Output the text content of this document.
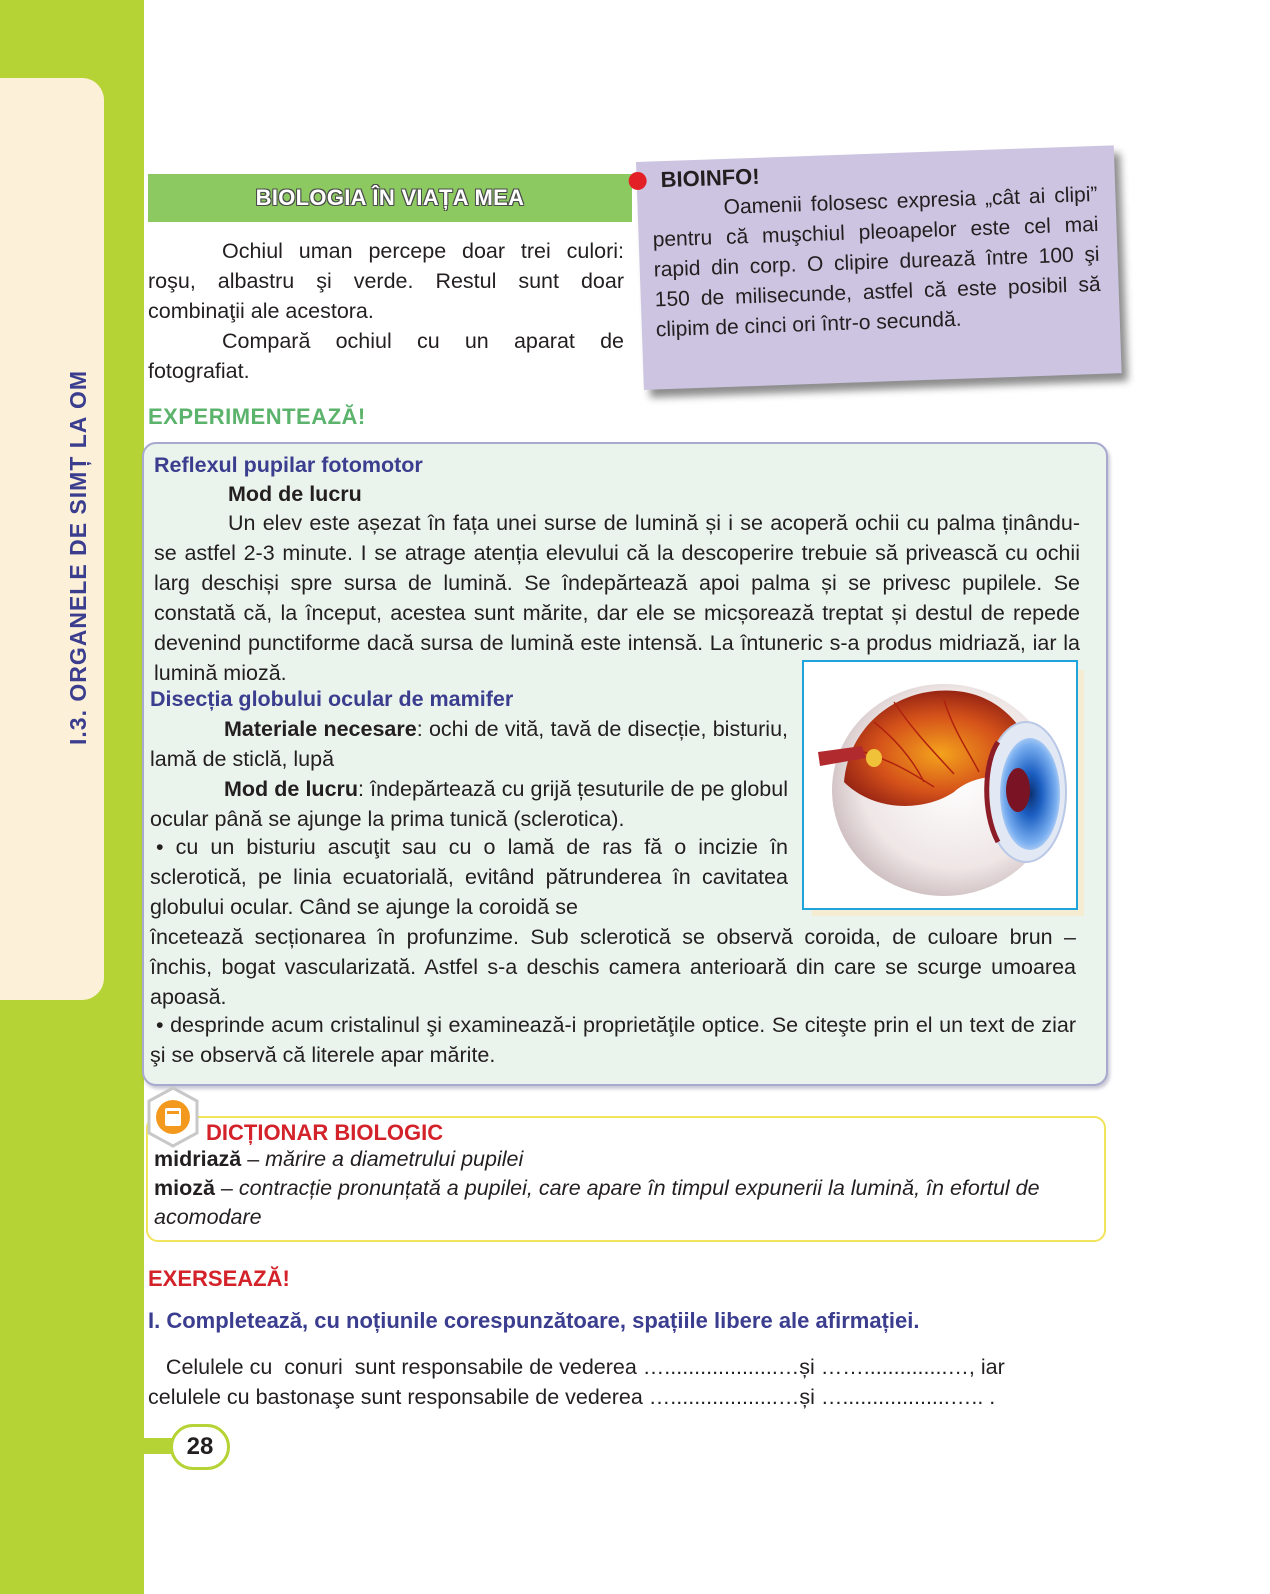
I.3. ORGANELE DE SIMȚ LA OM
BIOLOGIA ÎN VIAȚA MEA

Ochiul uman percepe doar trei culori: roşu, albastru şi verde. Restul sunt doar combinaţii ale acestora.

Compară ochiul cu un aparat de fotografiat.

BIOINFO!

Oamenii folosesc expresia „cât ai clipi” pentru că muşchiul pleoapelor este cel mai rapid din corp. O clipire durează între 100 şi 150 de milisecunde, astfel că este posibil să clipim de cinci ori într-o secundă.

EXPERIMENTEAZĂ!
Reflexul pupilar fotomotor
Mod de lucru
Un elev este așezat în fața unei surse de lumină și i se acoperă ochii cu palma ținându-se astfel 2-3 minute. I se atrage atenția elevului că la descoperire trebuie să privească cu ochii larg deschiși spre sursa de lumină. Se îndepărtează apoi palma și se privesc pupilele. Se constată că, la început, acestea sunt mărite, dar ele se micșorează treptat și destul de repede devenind punctiforme dacă sursa de lumină este intensă. La întuneric s-a produs midriază, iar la lumină mioză.
Disecția globului ocular de mamifer
Materiale necesare: ochi de vită, tavă de disecție, bisturiu, lamă de sticlă, lupă
Mod de lucru: îndepărtează cu grijă țesuturile de pe globul ocular până se ajunge la prima tunică (sclerotica).
• cu un bisturiu ascuţit sau cu o lamă de ras fă o incizie în sclerotică, pe linia ecuatorială, evitând pătrunderea în cavitatea globului ocular. Când se ajunge la coroidă se
încetează secționarea în profunzime. Sub sclerotică se observă coroida, de culoare brun – închis, bogat vascularizată. Astfel s-a deschis camera anterioară din care se scurge umoarea apoasă.
• desprinde acum cristalinul şi examinează-i proprietăţile optice. Se citeşte prin el un text de ziar şi se observă că literele apar mărite.
DICȚIONAR BIOLOGIC
midriază – mărire a diametrului pupilei
mioză – contracție pronunțată a pupilei, care apare în timpul expunerii la lumină, în efortul de acomodare
EXERSEAZĂ!
I. Completează, cu noțiunile corespunzătoare, spațiile libere ale afirmației.
Celulele cu  conuri  sunt responsabile de vederea …...................…și ……..............…, iar
celulele cu bastonaşe sunt responsabile de vederea …..................…și …..................….. .
28
